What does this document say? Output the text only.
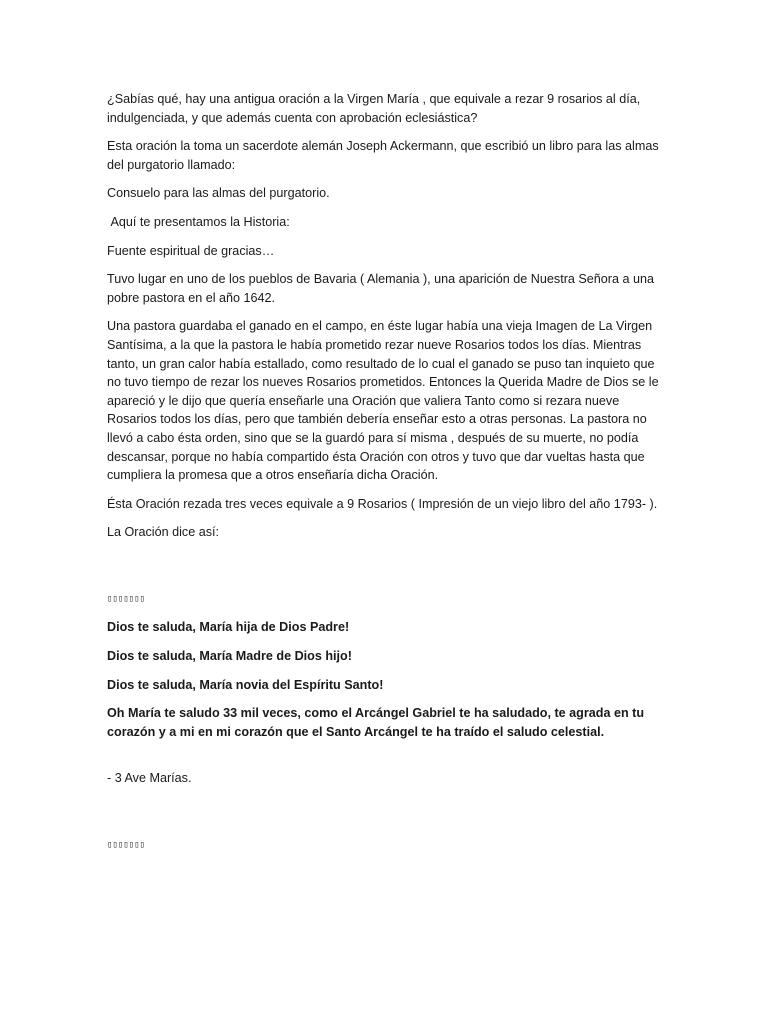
¿Sabías qué, hay una antigua oración a la Virgen María , que equivale a rezar 9 rosarios al día, indulgenciada, y que además cuenta con aprobación eclesiástica?

Esta oración la toma un sacerdote alemán Joseph Ackermann, que escribió un libro para las almas del purgatorio llamado:

Consuelo para las almas del purgatorio.

Aquí te presentamos la Historia:

Fuente espiritual de gracias…

Tuvo lugar en uno de los pueblos de Bavaria ( Alemania ), una aparición de Nuestra Señora a una pobre pastora en el año 1642.

Una pastora guardaba el ganado en el campo, en éste lugar había una vieja Imagen de La Virgen Santísima, a la que la pastora le había prometido rezar nueve Rosarios todos los días. Mientras tanto, un gran calor había estallado, como resultado de lo cual el ganado se puso tan inquieto que no tuvo tiempo de rezar los nueves Rosarios prometidos. Entonces la Querida Madre de Dios se le apareció y le dijo que quería enseñarle una Oración que valiera Tanto como si rezara nueve Rosarios todos los días, pero que también debería enseñar esto a otras personas. La pastora no llevó a cabo ésta orden, sino que se la guardó para sí misma , después de su muerte, no podía descansar, porque no había compartido ésta Oración con otros y tuvo que dar vueltas hasta que cumpliera la promesa que a otros enseñaría dicha Oración.

Ésta Oración rezada tres veces equivale a 9 Rosarios ( Impresión de un viejo libro del año 1793- ).

La Oración dice así:

▯▯▯▯▯▯▯

Dios te saluda, María hija de Dios Padre!

Dios te saluda, María Madre de Dios hijo!

Dios te saluda, María novia del Espíritu Santo!

Oh María te saludo 33 mil veces, como el Arcángel Gabriel te ha saludado, te agrada en tu corazón y a mi en mi corazón que el Santo Arcángel te ha traído el saludo celestial.

- 3 Ave Marías.

▯▯▯▯▯▯▯
